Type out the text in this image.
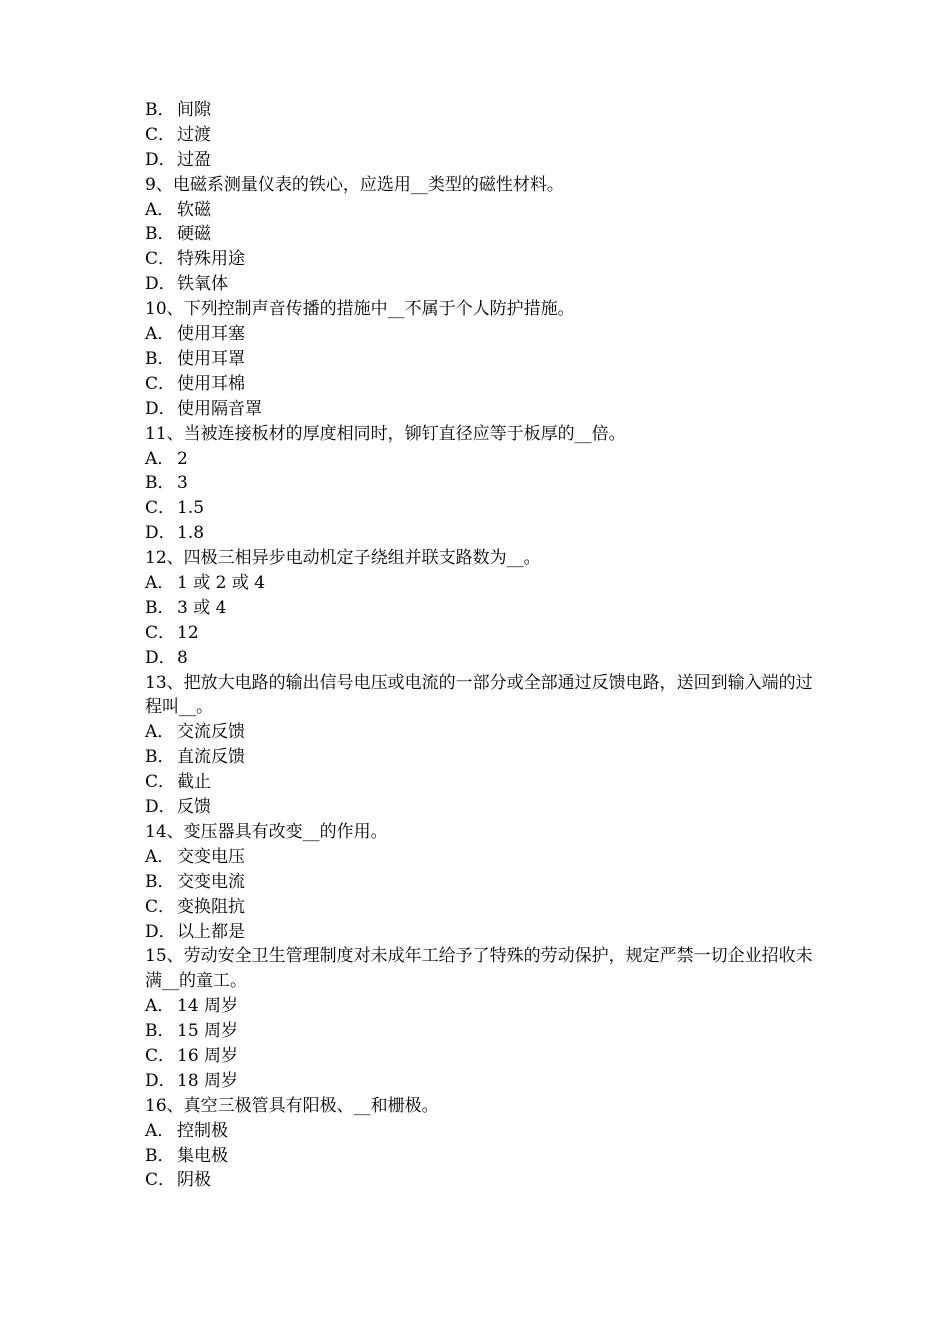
B． 间隙
C． 过渡
D．过盈
9、电磁系测量仪表的铁心，应选用__类型的磁性材料。
A． 软磁
B． 硬磁
C． 特殊用途
D．铁氧体
10、下列控制声音传播的措施中__不属于个人防护措施。
A． 使用耳塞
B． 使用耳罩
C． 使用耳棉
D．使用隔音罩
11、当被连接板材的厚度相同时，铆钉直径应等于板厚的__倍。
A． 2
B． 3
C． 1.5
D．1.8
12、四极三相异步电动机定子绕组并联支路数为__。
A． 1 或 2 或 4
B． 3 或 4
C． 12
D．8
13、把放大电路的输出信号电压或电流的一部分或全部通过反馈电路，送回到输入端的过程叫__。
A． 交流反馈
B． 直流反馈
C． 截止
D．反馈
14、变压器具有改变__的作用。
A． 交变电压
B． 交变电流
C． 变换阻抗
D．以上都是
15、劳动安全卫生管理制度对未成年工给予了特殊的劳动保护，规定严禁一切企业招收未满__的童工。
A． 14 周岁
B． 15 周岁
C． 16 周岁
D．18 周岁
16、真空三极管具有阳极、__和栅极。
A． 控制极
B． 集电极
C． 阴极
